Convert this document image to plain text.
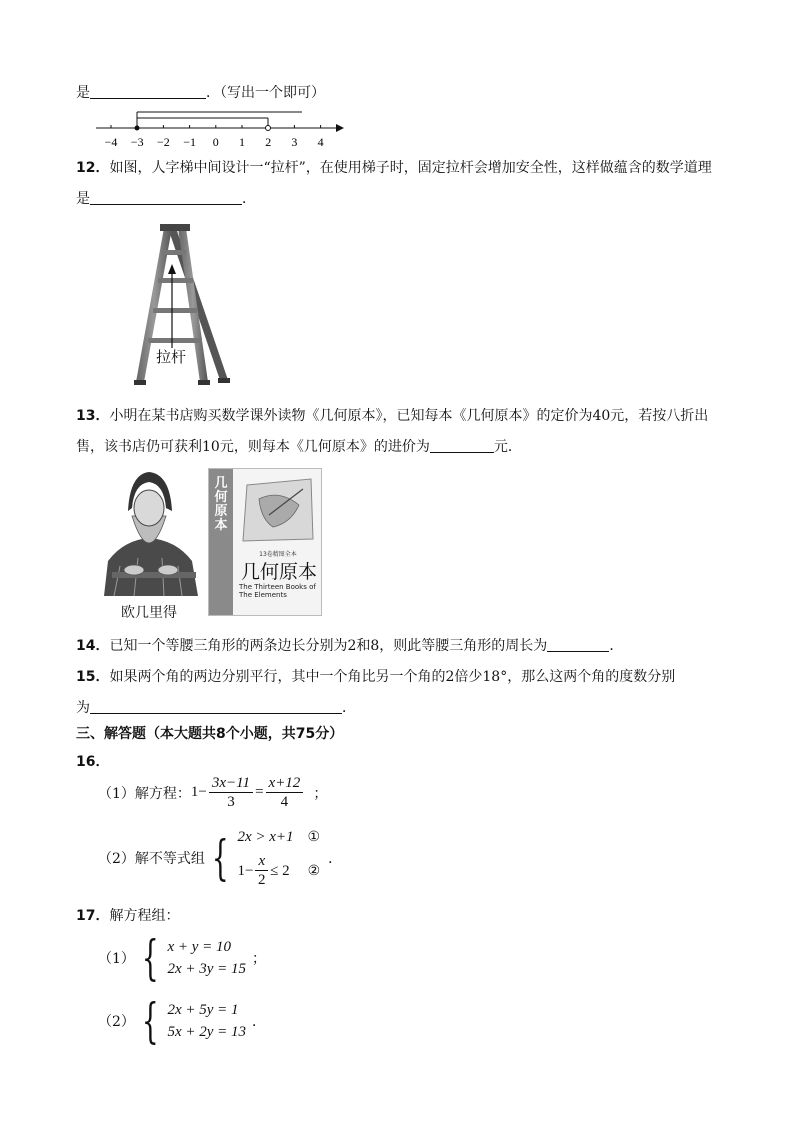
是	．（写出一个即可）
−4 −3 −2 −1 0 1 2 3 4
12．如图，人字梯中间设计一“拉杆”，在使用梯子时，固定拉杆会增加安全性，这样做蕴含的数学道理
是	．
拉杆
13．小明在某书店购买数学课外读物《几何原本》，已知每本《几何原本》的定价为40元，若按八折出
售，该书店仍可获利10元，则每本《几何原本》的进价为	元．
欧几里得
几何原本
13卷精图全本
几何原本
The Thirteen Books of The Elements
14．已知一个等腰三角形的两条边长分别为2和8，则此等腰三角形的周长为	．
15．如果两个角的两边分别平行，其中一个角比另一个角的2倍少18°，那么这两个角的度数分别
为	．
三、解答题（本大题共8个小题，共75分）
16．
（1）解方程： $1- \frac{3x-11}{3} = \frac{x+12}{4}$ ；
（2）解不等式组 { 2x > x+1 ①
$1- \frac{x}{2} \le 2$ ②
．
17．解方程组：
（1） { x + y = 10
2x + 3y = 15
；
（2） { 2x + 5y = 1
5x + 2y = 13
．
